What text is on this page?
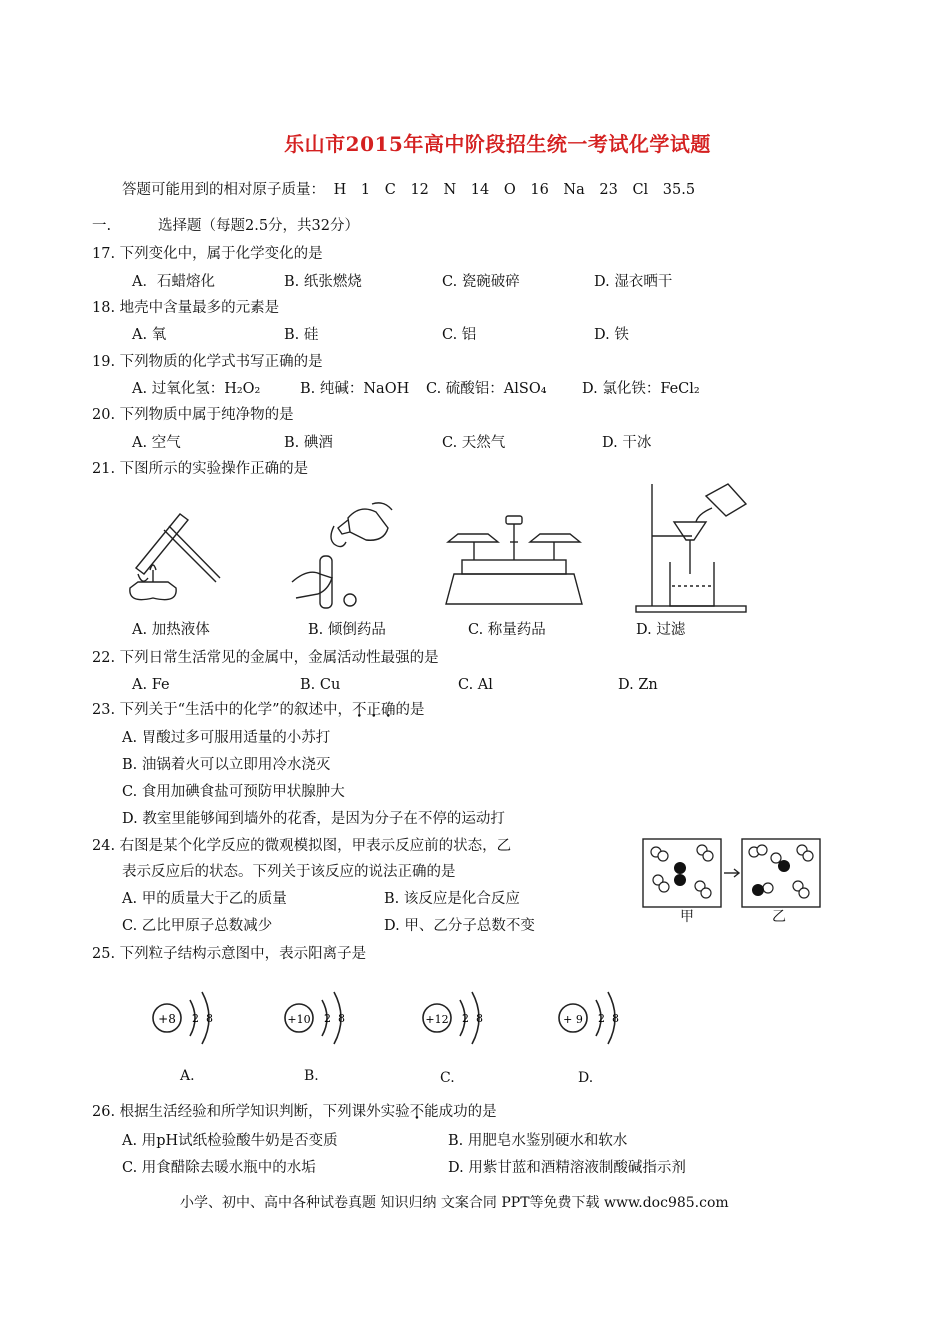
乐山市2015年高中阶段招生统一考试化学试题
答题可能用到的相对原子质量： H 1 C 12 N 14 O 16 Na 23 Cl 35.5
一.	选择题（每题2.5分，共32分）
17. 下列变化中，属于化学变化的是
A．石蜡熔化	B. 纸张燃烧	C. 瓷碗破碎	D. 湿衣晒干
18. 地壳中含量最多的元素是
A. 氧	B. 硅	C. 铝	D. 铁
19. 下列物质的化学式书写正确的是
A. 过氧化氢：H₂O₂	B. 纯碱：NaOH C. 硫酸铝：AlSO₄ D. 氯化铁：FeCl₂
20. 下列物质中属于纯净物的是
A. 空气	B. 碘酒	C. 天然气	D. 干冰
21. 下图所示的实验操作正确的是
A. 加热液体	B. 倾倒药品	C. 称量药品	D. 过滤
22. 下列日常生活常见的金属中，金属活动性最强的是
A. Fe	B. Cu	C. Al	D. Zn
23. 下列关于“生活中的化学”的叙述中，不正确的是
A. 胃酸过多可服用适量的小苏打
B. 油锅着火可以立即用冷水浇灭
C. 食用加碘食盐可预防甲状腺肿大
D. 教室里能够闻到墙外的花香，是因为分子在不停的运动打
24. 右图是某个化学反应的微观模拟图，甲表示反应前的状态，乙
表示反应后的状态。下列关于该反应的说法正确的是
A. 甲的质量大于乙的质量	B. 该反应是化合反应
C. 乙比甲原子总数减少	D. 甲、乙分子总数不变
甲	乙
25. 下列粒子结构示意图中，表示阳离子是
+8 2 8	+10 2 8	+12 2 8	+ 9 2 8
A.	B.	C.	D.
26. 根据生活经验和所学知识判断，下列课外实验不能成功的是
A. 用pH试纸检验酸牛奶是否变质	B. 用肥皂水鉴别硬水和软水
C. 用食醋除去暖水瓶中的水垢	D. 用紫甘蓝和酒精溶液制酸碱指示剂
小学、初中、高中各种试卷真题 知识归纳 文案合同 PPT等免费下载 www.doc985.com
